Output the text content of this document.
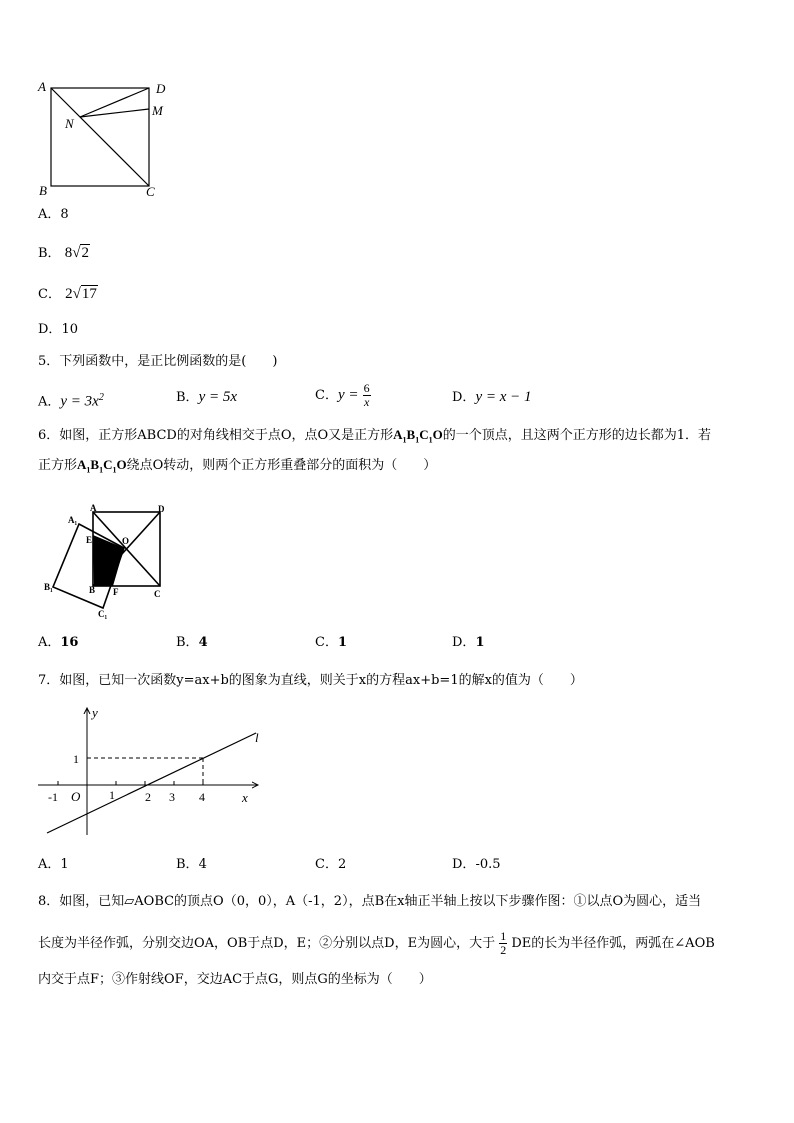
A	D
M
N
B	C
A．8
B． 8√2
C． 2√17
D．10
5．下列函数中，是正比例函数的是(　　)
A．$y = 3x^2$	B．y = 5x	C．$y = \frac{6}{x}$	D．y = x − 1
6．如图，正方形ABCD的对角线相交于点O，点O又是正方形$A_1B_1C_1O$的一个顶点，且这两个正方形的边长都为1．若
正方形$A_1B_1C_1O$绕点O转动，则两个正方形重叠部分的面积为（　　）
A₁
A	D
E	O
B₁	B F	C
C₁
A．16	B．4	C．1	D．1
7．如图，已知一次函数y=ax+b的图象为直线，则关于x的方程ax+b=1的解x的值为（　　）
y
x
l
O
-1	1	2 3 4
1
A．1	B．4	C．2	D．-0.5
8．如图，已知▱AOBC的顶点O（0，0），A（-1，2），点B在x轴正半轴上按以下步骤作图：①以点O为圆心，适当
长度为半径作弧，分别交边OA，OB于点D，E；②分别以点D，E为圆心，大于 $\frac{1}{2}$ DE的长为半径作弧，两弧在∠AOB
内交于点F；③作射线OF，交边AC于点G，则点G的坐标为（　　）
